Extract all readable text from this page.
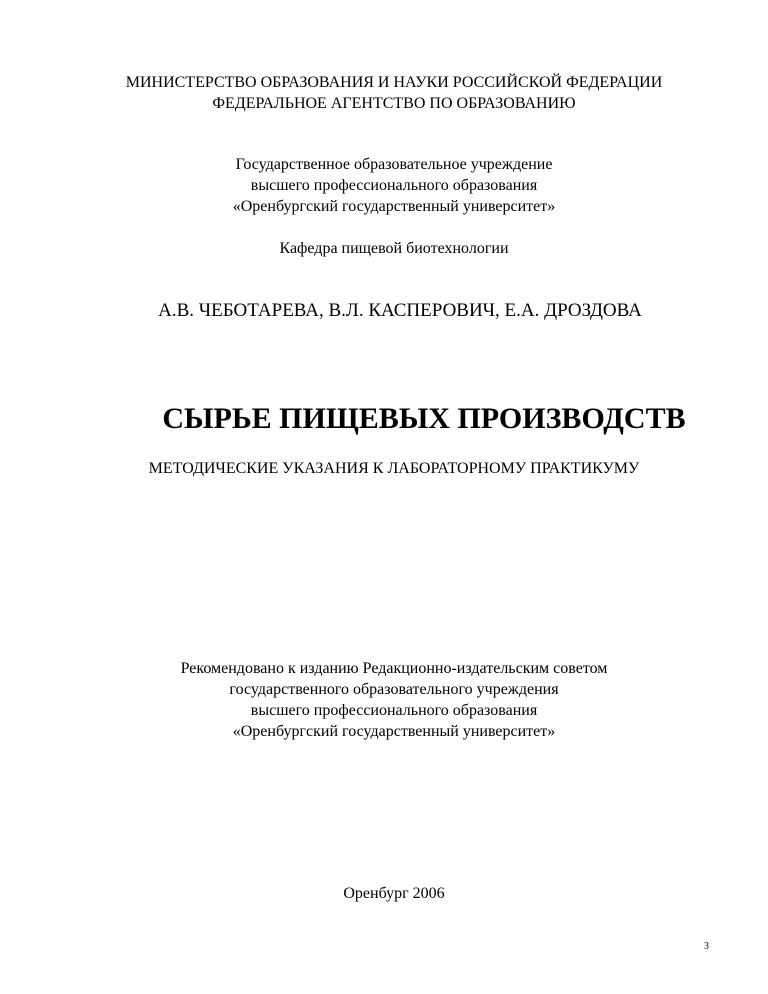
МИНИСТЕРСТВО ОБРАЗОВАНИЯ И НАУКИ РОССИЙСКОЙ ФЕДЕРАЦИИ
ФЕДЕРАЛЬНОЕ АГЕНТСТВО ПО ОБРАЗОВАНИЮ
Государственное образовательное учреждение
высшего профессионального образования
«Оренбургский государственный университет»
Кафедра пищевой биотехнологии
А.В. ЧЕБОТАРЕВА, В.Л. КАСПЕРОВИЧ, Е.А. ДРОЗДОВА
СЫРЬЕ ПИЩЕВЫХ ПРОИЗВОДСТВ
МЕТОДИЧЕСКИЕ УКАЗАНИЯ К ЛАБОРАТОРНОМУ ПРАКТИКУМУ
Рекомендовано к изданию Редакционно-издательским советом
государственного образовательного учреждения
высшего профессионального образования
«Оренбургский государственный университет»
Оренбург 2006
3
